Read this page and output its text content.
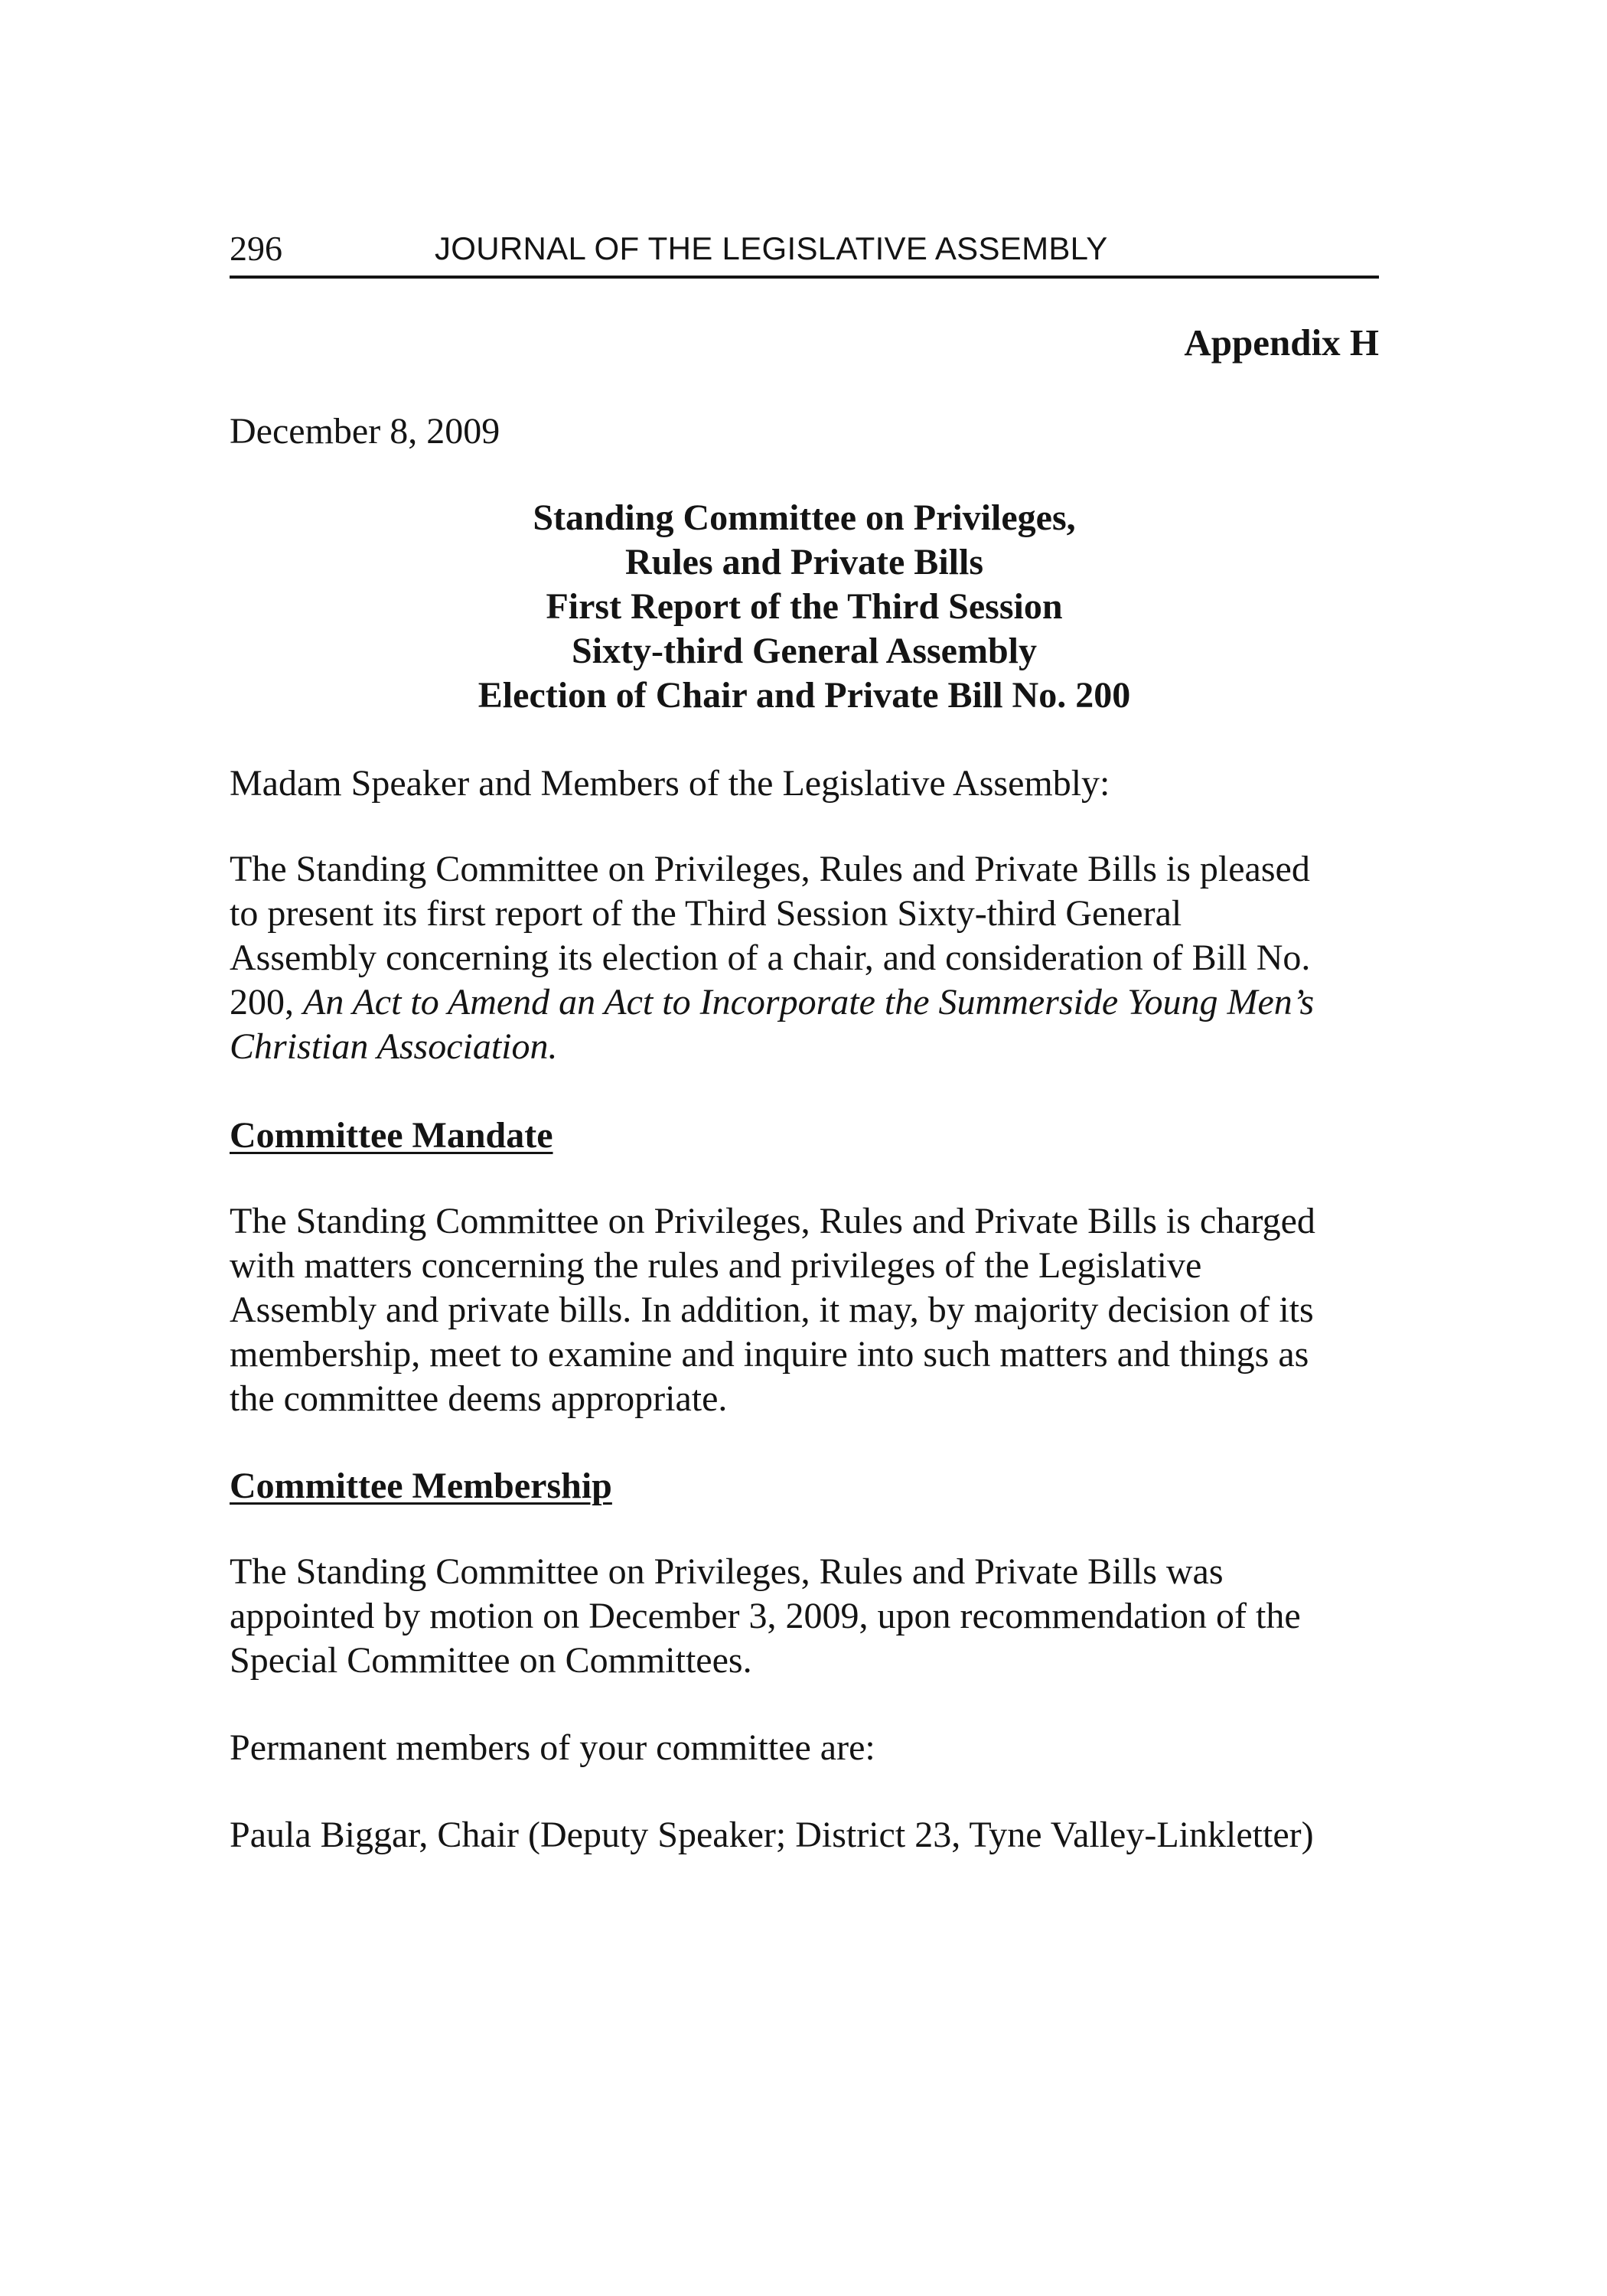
296	JOURNAL OF THE LEGISLATIVE ASSEMBLY
Appendix H
December 8, 2009
Standing Committee on Privileges,
Rules and Private Bills
First Report of the Third Session
Sixty-third General Assembly
Election of Chair and Private Bill No. 200

Madam Speaker and Members of the Legislative Assembly:

The Standing Committee on Privileges, Rules and Private Bills is pleased
to present its first report of the Third Session Sixty-third General
Assembly concerning its election of a chair, and consideration of Bill No.
200, An Act to Amend an Act to Incorporate the Summerside Young Men’s
Christian Association.

Committee Mandate

The Standing Committee on Privileges, Rules and Private Bills is charged
with matters concerning the rules and privileges of the Legislative
Assembly and private bills. In addition, it may, by majority decision of its
membership, meet to examine and inquire into such matters and things as
the committee deems appropriate.

Committee Membership

The Standing Committee on Privileges, Rules and Private Bills was
appointed by motion on December 3, 2009, upon recommendation of the
Special Committee on Committees.

Permanent members of your committee are:

Paula Biggar, Chair (Deputy Speaker; District 23, Tyne Valley-Linkletter)
